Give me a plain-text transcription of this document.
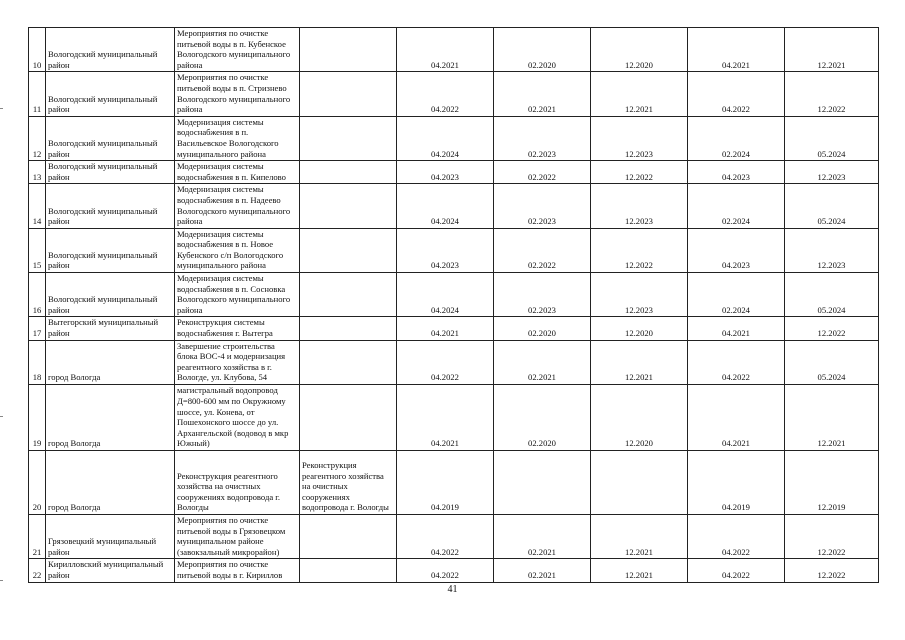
10	Вологодский муниципальный район	Мероприятия по очистке питьевой воды в п. Кубенское Вологодского муниципального района		04.2021	02.2020	12.2020	04.2021	12.2021
11	Вологодский муниципальный район	Мероприятия по очистке питьевой воды в п. Стризнево Вологодского муниципального района		04.2022	02.2021	12.2021	04.2022	12.2022
12	Вологодский муниципальный район	Модернизация системы водоснабжения в п. Васильевское Вологодского муниципального района		04.2024	02.2023	12.2023	02.2024	05.2024
13	Вологодский муниципальный район	Модернизация системы водоснабжения в п. Кипелово		04.2023	02.2022	12.2022	04.2023	12.2023
14	Вологодский муниципальный район	Модернизация системы водоснабжения в п. Надеево Вологодского муниципального района		04.2024	02.2023	12.2023	02.2024	05.2024
15	Вологодский муниципальный район	Модернизация системы водоснабжения в п. Новое Кубенского с/п Вологодского муниципального района		04.2023	02.2022	12.2022	04.2023	12.2023
16	Вологодский муниципальный район	Модернизация системы водоснабжения в п. Сосновка Вологодского муниципального района		04.2024	02.2023	12.2023	02.2024	05.2024
17	Вытегорский муниципальный район	Реконструкция системы водоснабжения г. Вытегра		04.2021	02.2020	12.2020	04.2021	12.2022
18	город Вологда	Завершение строительства блока ВОС-4 и модернизация реагентного хозяйства в г. Вологде, ул. Клубова, 54		04.2022	02.2021	12.2021	04.2022	05.2024
19	город Вологда	магистральный водопровод Д=800-600 мм по Окружному шоссе, ул. Конева, от Пошехонского шоссе до ул. Архангельской (водовод в мкр Южный)		04.2021	02.2020	12.2020	04.2021	12.2021
20	город Вологда	Реконструкция реагентного хозяйства на очистных сооружениях водопровода г. Вологды	Реконструкция реагентного хозяйства на очистных сооружениях водопровода г. Вологды	04.2019			04.2019	12.2019
21	Грязовецкий муниципальный район	Мероприятия по очистке питьевой воды в Грязовецком муниципальном районе (завокзальный микрорайон)		04.2022	02.2021	12.2021	04.2022	12.2022
22	Кирилловский муниципальный район	Мероприятия по очистке питьевой воды в г. Кириллов		04.2022	02.2021	12.2021	04.2022	12.2022
41
